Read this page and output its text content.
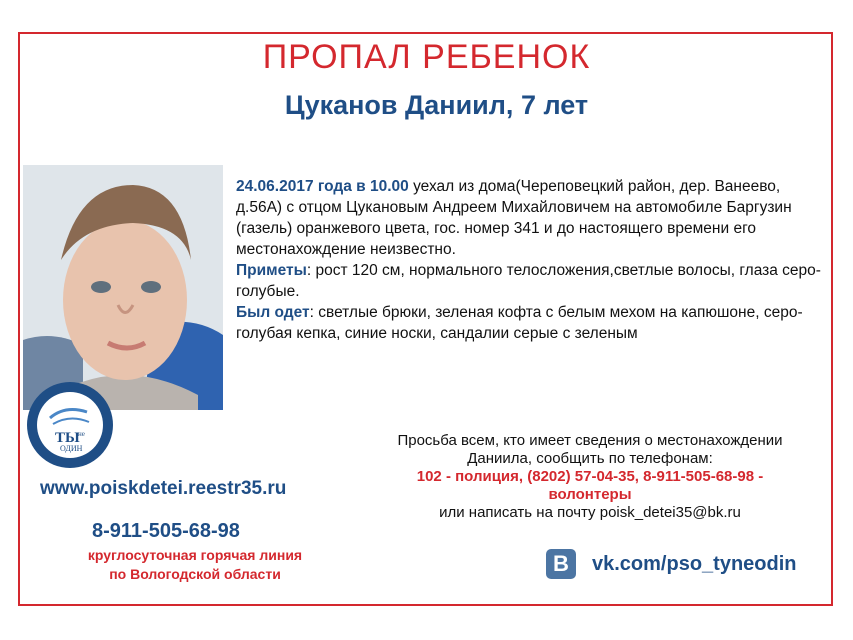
ПРОПАЛ РЕБЕНОК
Цуканов Даниил, 7 лет

24.06.2017 года в 10.00 уехал из дома(Череповецкий район, дер. Ванеево, д.56А) с отцом Цукановым Андреем Михайловичем на автомобиле Баргузин (газель) оранжевого цвета, гос. номер 341 и до настоящего времени его местонахождение неизвестно.

Приметы: рост 120 см, нормального телосложения,светлые волосы, глаза серо-голубые.

Был одет: светлые брюки, зеленая кофта с белым мехом на капюшоне, серо-голубая кепка, синие носки, сандалии серые с зеленым

ТЫ
не
ОДИН
www.poiskdetei.reestr35.ru
8-911-505-68-98
круглосуточная горячая линия
по Вологодской области
Просьба всем, кто имеет сведения о местонахождении
Даниила, сообщить по телефонам:
102 - полиция, (8202) 57-04-35, 8-911-505-68-98 -
волонтеры
или написать на почту poisk_detei35@bk.ru
B	vk.com/pso_tyneodin
